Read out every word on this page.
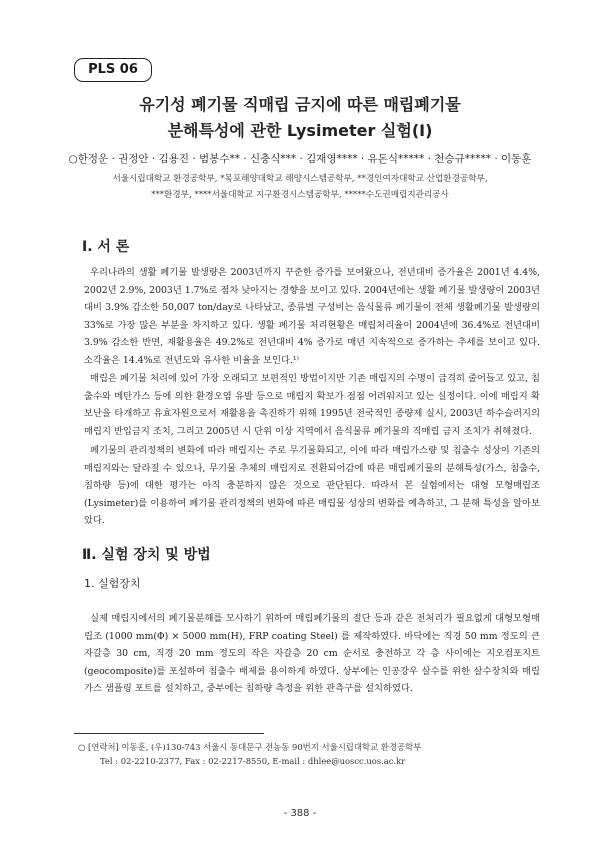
PLS 06
유기성 폐기물 직매립 금지에 따른 매립폐기물
분해특성에 관한 Lysimeter 실험(Ⅰ)
○한정운 · 권정안 · 김용진 · 범봉수** · 신충식*** · 김재영**** · 유돈식***** · 천승규***** · 이동훈
서울시립대학교 환경공학부, *목포해양대학교 해양시스템공학부, **경인여자대학교 산업환경공학부,
***환경부, ****서울대학교 지구환경시스템공학부, *****수도권매립지관리공사
Ⅰ. 서 론

우리나라의 생활 폐기물 발생량은 2003년까지 꾸준한 증가를 보여왔으나, 전년대비 증가율은 2001년 4.4%, 2002년 2.9%, 2003년 1.7%로 점차 낮아지는 경향을 보이고 있다. 2004년에는 생활 폐기물 발생량이 2003년 대비 3.9% 감소한 50,007 ton/day로 나타났고, 종류별 구성비는 음식물류 폐기물이 전체 생활폐기물 발생량의 33%로 가장 많은 부분을 차지하고 있다. 생활 폐기물 처리현황은 매립처리율이 2004년에 36.4%로 전년대비 3.9% 감소한 반면, 재활용율은 49.2%로 전년대비 4% 증가로 매년 지속적으로 증가하는 추세를 보이고 있다. 소각율은 14.4%로 전년도와 유사한 비율을 보인다.¹⁾

매립은 폐기물 처리에 있어 가장 오래되고 보편적인 방법이지만 기존 매립지의 수명이 급격히 줄어들고 있고, 침출수와 메탄가스 등에 의한 환경오염 유발 등으로 매립지 확보가 점점 어려워지고 있는 실정이다. 이에 매립지 확보난을 타개하고 유효자원으로서 재활용을 촉진하기 위해 1995년 전국적인 종량제 실시, 2003년 하수슬러지의 매립지 반입금지 조치, 그리고 2005년 시 단위 이상 지역에서 음식물류 폐기물의 직매립 금지 조치가 취해졌다.

폐기물의 관리정책의 변화에 따라 매립지는 주로 무기물화되고, 이에 따라 매립가스량 및 침출수 성상이 기존의 매립지와는 달라질 수 있으나, 무기물 추체의 매립지로 전환되어감에 따른 매립폐기물의 분해특성(가스, 침출수, 침하량 등)에 대한 평가는 아직 충분하지 않은 것으로 판단된다. 따라서 본 실험에서는 대형 모형매립조 (Lysimeter)를 이용하여 폐기물 관리정책의 변화에 따른 매립물 성상의 변화를 예측하고, 그 분해 특성을 알아보았다.

Ⅱ. 실험 장치 및 방법
1. 실험장치

실제 매립지에서의 폐기물분해를 모사하기 위하여 매립폐기물의 절단 등과 같은 전처리가 필요없게 대형모형매립조 (1000 mm(Φ) × 5000 mm(H), FRP coating Steel) 를 제작하였다. 바닥에는 직경 50 mm 정도의 큰 자갈층 30 cm, 직경 20 mm 정도의 작은 자갈층 20 cm 순서로 충전하고 각 층 사이에는 지오컴포지트(geocomposite)를 포설하여 침출수 배제를 용이하게 하였다. 상부에는 인공강우 살수를 위한 살수장치와 매립가스 샘플링 포트를 설치하고, 중부에는 침하량 측정을 위한 관측구를 설치하였다.

○ [연락처] 이동훈, (우)130-743 서울시 동대문구 전농동 90번지 서울시립대학교 환경공학부
Tel : 02-2210-2377, Fax : 02-2217-8550, E-mail : dhlee@uoscc.uos.ac.kr
- 388 -
